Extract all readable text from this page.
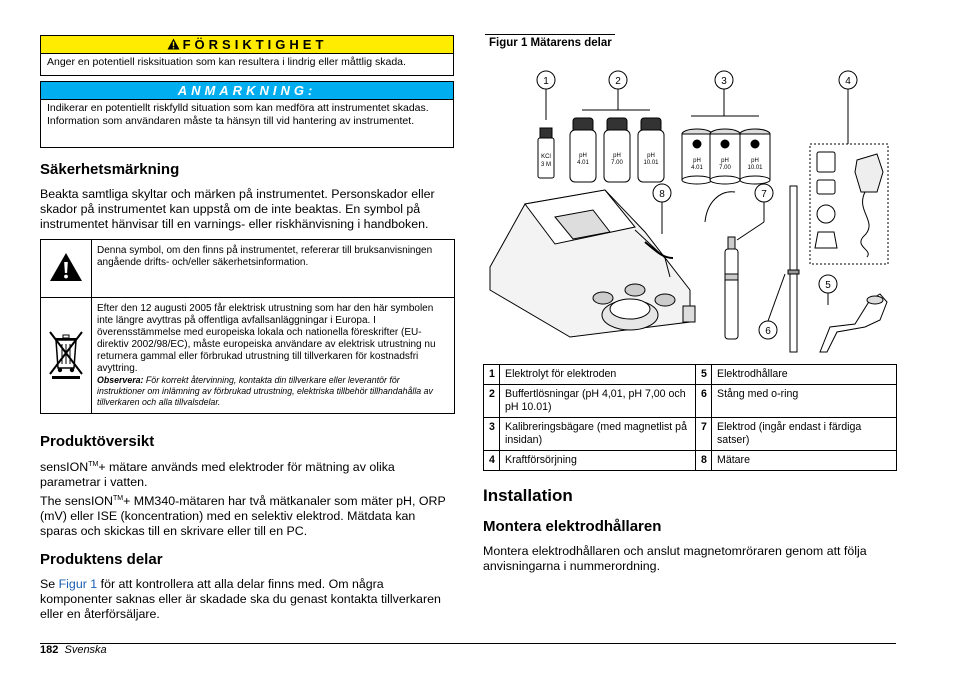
FÖRSIKTIGHET
Anger en potentiell risksituation som kan resultera i lindrig eller måttlig skada.
ANMARKNING:
Indikerar en potentiellt riskfylld situation som kan medföra att instrumentet skadas. Information som användaren måste ta hänsyn till vid hantering av instrumentet.
Säkerhetsmärkning

Beakta samtliga skyltar och märken på instrumentet. Personskador eller skador på instrumentet kan uppstå om de inte beaktas. En symbol på instrumentet hänvisar till en varnings- eller riskhänvisning i handboken.

	Denna symbol, om den finns på instrumentet, refererar till bruksanvisningen angående drifts- och/eller säkerhetsinformation.
	Efter den 12 augusti 2005 får elektrisk utrustning som har den här symbolen inte längre avyttras på offentliga avfallsanläggningar i Europa. I överensstämmelse med europeiska lokala och nationella föreskrifter (EU-direktiv 2002/98/EC), måste europeiska användare av elektrisk utrustning nu returnera gammal eller förbrukad utrustning till tillverkaren för kostnadsfri avyttring.
Observera: För korrekt återvinning, kontakta din tillverkare eller leverantör för instruktioner om inlämning av förbrukad utrustning, elektriska tillbehör tillhandahålla av tillverkaren och alla tillvalsdelar.
Produktöversikt

sensION™+ mätare används med elektroder för mätning av olika parametrar i vatten.

The sensION™+ MM340-mätaren har två mätkanaler som mäter pH, ORP (mV) eller ISE (koncentration) med en selektiv elektrod. Mätdata kan sparas och skickas till en skrivare eller till en PC.

Produktens delar

Se Figur 1 för att kontrollera att alla delar finns med. Om några komponenter saknas eller är skadade ska du genast kontakta tillverkaren eller en återförsäljare.

Figur 1 Mätarens delar
1	2	3	4
5
6
7
8
KCl
3 M
pH
4.01
pH
7.00
pH
10.01	pH
4.01
pH
7.00
pH
10.01
1	Elektrolyt för elektroden	5	Elektrodhållare
2	Buffertlösningar (pH 4,01, pH 7,00 och pH 10.01)	6	Stång med o-ring
3	Kalibreringsbägare (med magnetlist på insidan)	7	Elektrod (ingår endast i färdiga satser)
4	Kraftförsörjning	8	Mätare
Installation
Montera elektrodhållaren

Montera elektrodhållaren och anslut magnetomröraren genom att följa anvisningarna i nummerordning.

182 Svenska
